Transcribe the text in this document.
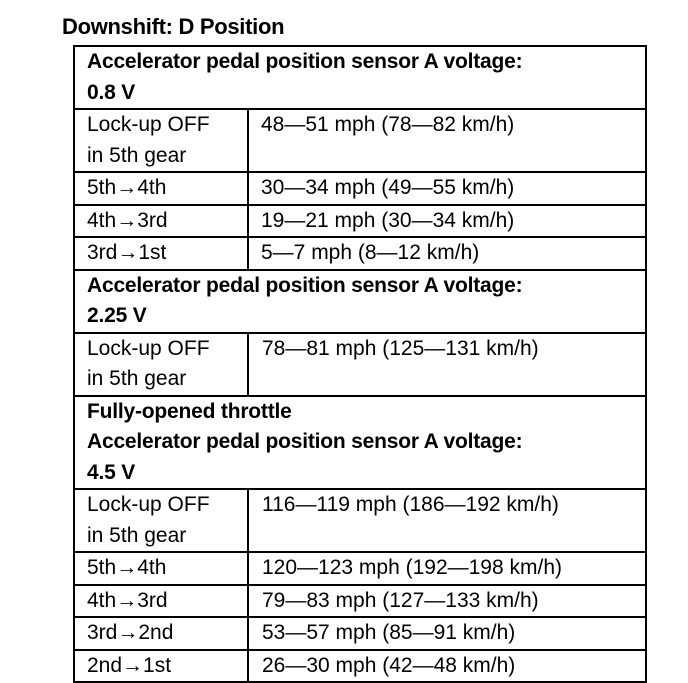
Downshift: D Position
Accelerator pedal position sensor A voltage:
0.8 V	

Lock-up OFF
in 5th gear	48—51 mph (78—82 km/h)
5th→4th	30—34 mph (49—55 km/h)
4th→3rd	19—21 mph (30—34 km/h)
3rd→1st	5—7 mph (8—12 km/h)

Accelerator pedal position sensor A voltage:
2.25 V	

Lock-up OFF
in 5th gear	78—81 mph (125—131 km/h)

Fully-opened throttle
Accelerator pedal position sensor A voltage:
4.5 V	

Lock-up OFF
in 5th gear	116—119 mph (186—192 km/h)
5th→4th	120—123 mph (192—198 km/h)
4th→3rd	79—83 mph (127—133 km/h)
3rd→2nd	53—57 mph (85—91 km/h)
2nd→1st	26—30 mph (42—48 km/h)
